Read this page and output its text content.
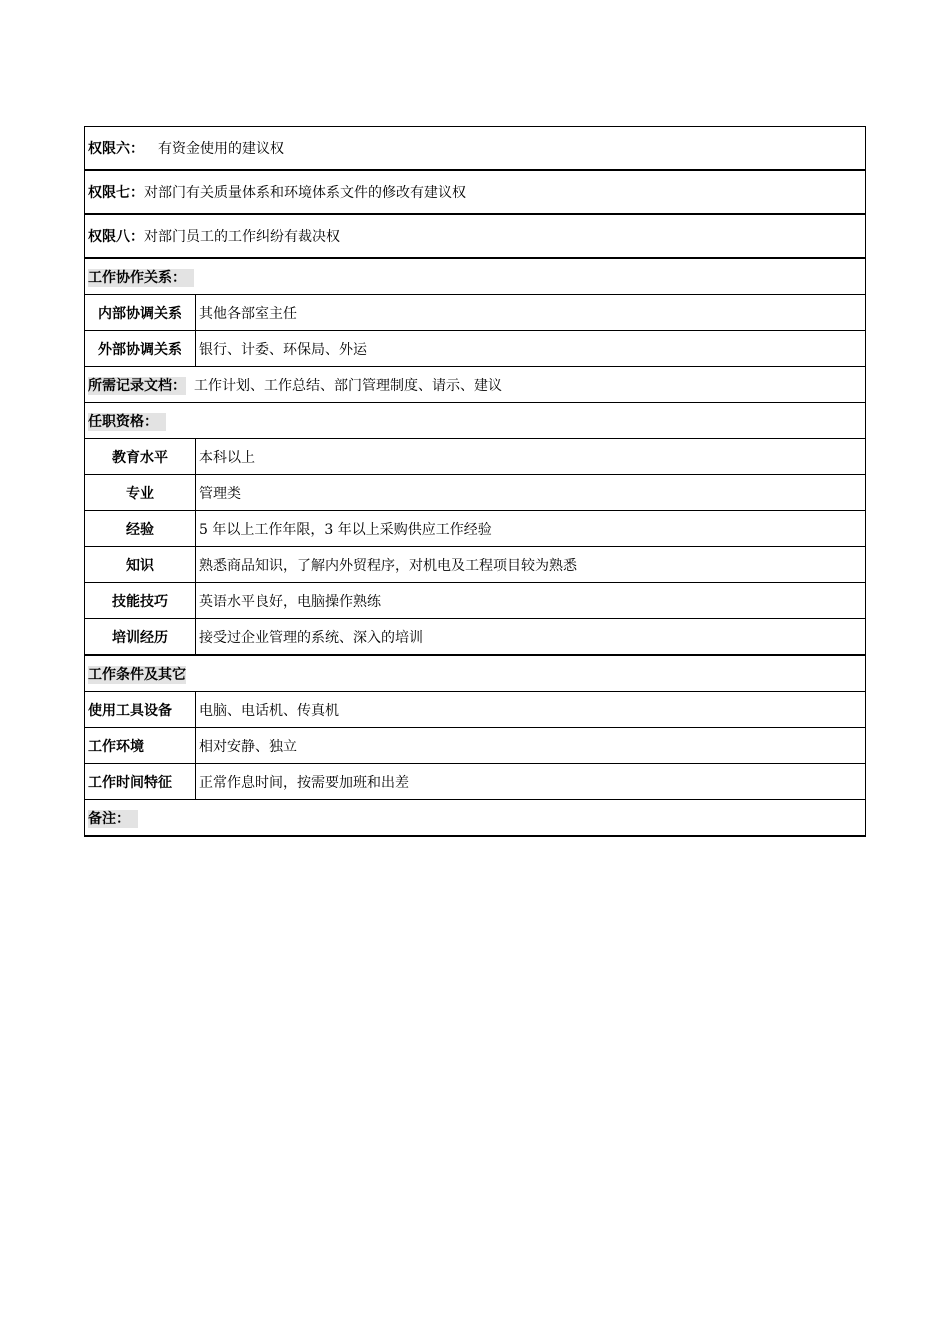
权限六： 有资金使用的建议权	
权限七：对部门有关质量体系和环境体系文件的修改有建议权	
权限八：对部门员工的工作纠纷有裁决权	
工作协作关系：	
内部协调关系	其他各部室主任
外部协调关系	银行、计委、环保局、外运
所需记录文档： 工作计划、工作总结、部门管理制度、请示、建议	
任职资格：	
教育水平	本科以上
专业	管理类
经验	5 年以上工作年限，3 年以上采购供应工作经验
知识	熟悉商品知识，了解内外贸程序，对机电及工程项目较为熟悉
技能技巧	英语水平良好，电脑操作熟练
培训经历	接受过企业管理的系统、深入的培训
工作条件及其它	
使用工具设备	电脑、电话机、传真机
工作环境	相对安静、独立
工作时间特征	正常作息时间，按需要加班和出差
备注：	
